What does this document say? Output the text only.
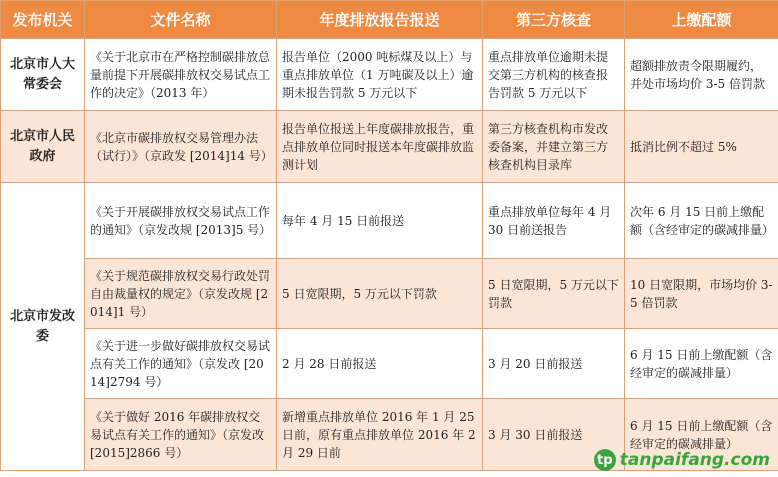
发布机关	文件名称	年度排放报告报送	第三方核查	上缴配额
北京市人大常委会	《关于北京市在严格控制碳排放总量前提下开展碳排放权交易试点工作的决定》（2013 年）	报告单位（2000 吨标煤及以上）与重点排放单位（1 万吨碳及以上）逾期未报告罚款 5 万元以下	重点排放单位逾期未提交第三方机构的核查报告罚款 5 万元以下	超额排放责令限期履约，并处市场均价 3-5 倍罚款
北京市人民政府	《北京市碳排放权交易管理办法（试行）》（京政发 [2014]14 号）	报告单位报送上年度碳排放报告，重点排放单位同时报送本年度碳排放监测计划	第三方核查机构市发改委备案，并建立第三方核查机构目录库	抵消比例不超过 5%
北京市发改委	《关于开展碳排放权交易试点工作的通知》（京发改规 [2013]5 号）	每年 4 月 15 日前报送	重点排放单位每年 4 月 30 日前送报告	次年 6 月 15 日前上缴配额（含经审定的碳减排量）
	《关于规范碳排放权交易行政处罚自由裁量权的规定》（京发改规 [2014]1 号）	5 日宽限期，5 万元以下罚款	5 日宽限期，5 万元以下罚款	10 日宽限期，市场均价 3-5 倍罚款
	《关于进一步做好碳排放权交易试点有关工作的通知》（京发改 [2014]2794 号）	2 月 28 日前报送	3 月 20 日前报送	6 月 15 日前上缴配额（含经审定的碳减排量）
	《关于做好 2016 年碳排放权交易试点有关工作的通知》（京发改 [2015]2866 号）	新增重点排放单位 2016 年 1 月 25 日前，原有重点排放单位 2016 年 2 月 29 日前	3 月 30 日前报送	6 月 15 日前上缴配额（含经审定的碳减排量）
tp tanpaifang.com
